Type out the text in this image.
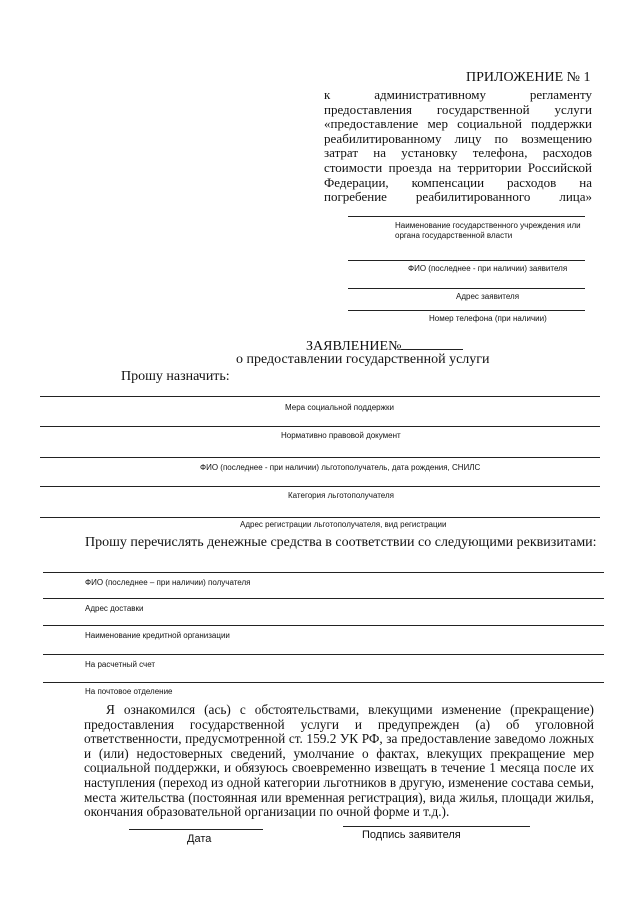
ПРИЛОЖЕНИЕ № 1
к административному регламенту предоставления государственной услуги «предоставление мер социальной поддержки реабилитированному лицу по возмещению затрат на установку телефона, расходов стоимости проезда на территории Российской Федерации, компенсации расходов на погребение реабилитированного лица»
Наименование государственного учреждения или органа государственной власти
ФИО (последнее - при наличии) заявителя
Адрес заявителя
Номер телефона (при наличии)
ЗАЯВЛЕНИЕ№
о предоставлении государственной услуги
Прошу назначить:
Мера социальной поддержки
Нормативно правовой документ
ФИО (последнее - при наличии) льготополучатель, дата рождения, СНИЛС
Категория льготополучателя
Адрес регистрации льготополучателя, вид регистрации
Прошу перечислять денежные средства в соответствии со следующими реквизитами:
ФИО (последнее – при наличии) получателя
Адрес доставки
Наименование кредитной организации
На расчетный счет
На почтовое отделение
Я ознакомился (ась) с обстоятельствами, влекущими изменение (прекращение) предоставления государственной услуги и предупрежден (а) об уголовной ответственности, предусмотренной ст. 159.2 УК РФ, за предоставление заведомо ложных и (или) недостоверных сведений, умолчание о фактах, влекущих прекращение мер социальной поддержки, и обязуюсь своевременно извещать в течение 1 месяца после их наступления (переход из одной категории льготников в другую, изменение состава семьи, места жительства (постоянная или временная регистрация), вида жилья, площади жилья, окончания образовательной организации по очной форме и т.д.).
Дата	Подпись заявителя
